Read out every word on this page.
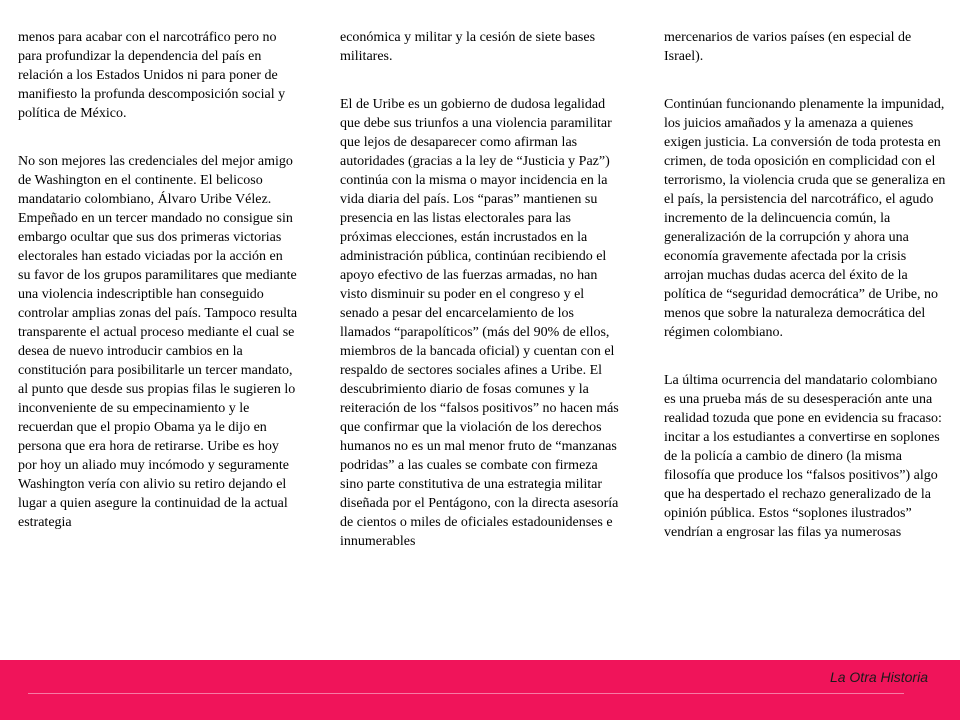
menos para acabar con el narcotráfico pero no para profundizar la dependencia del país en relación a los Estados Unidos ni para poner de manifiesto la profunda descomposición social y política de México.

No son mejores las credenciales del mejor amigo de Washington en el continente. El belicoso mandatario colombiano, Álvaro Uribe Vélez. Empeñado en un tercer mandado no consigue sin embargo ocultar que sus dos primeras victorias electorales han estado viciadas por la acción en su favor de los grupos paramilitares que mediante una violencia indescriptible han conseguido controlar amplias zonas del país. Tampoco resulta transparente el actual proceso mediante el cual se desea de nuevo introducir cambios en la constitución para posibilitarle un tercer mandato, al punto que desde sus propias filas le sugieren lo inconveniente de su empecinamiento y le recuerdan que el propio Obama ya le dijo en persona que era hora de retirarse. Uribe es hoy por hoy un aliado muy incómodo y seguramente Washington vería con alivio su retiro dejando el lugar a quien asegure la continuidad de la actual estrategia

económica y militar y la cesión de siete bases militares.

El de Uribe es un gobierno de dudosa legalidad que debe sus triunfos a una violencia paramilitar que lejos de desaparecer como afirman las autoridades (gracias a la ley de “Justicia y Paz”) continúa con la misma o mayor incidencia en la vida diaria del país. Los “paras” mantienen su presencia en las listas electorales para las próximas elecciones, están incrustados en la administración pública, continúan recibiendo el apoyo efectivo de las fuerzas armadas, no han visto disminuir su poder en el congreso y el senado a pesar del encarcelamiento de los llamados “parapolíticos” (más del 90% de ellos, miembros de la bancada oficial) y cuentan con el respaldo de sectores sociales afines a Uribe. El descubrimiento diario de fosas comunes y la reiteración de los “falsos positivos” no hacen más que confirmar que la violación de los derechos humanos no es un mal menor fruto de “manzanas podridas” a las cuales se combate con firmeza sino parte constitutiva de una estrategia militar diseñada por el Pentágono, con la directa asesoría de cientos o miles de oficiales estadounidenses e innumerables

mercenarios de varios países (en especial de Israel).

Continúan funcionando plenamente la impunidad, los juicios amañados y la amenaza a quienes exigen justicia. La conversión de toda protesta en crimen, de toda oposición en complicidad con el terrorismo, la violencia cruda que se generaliza en el país, la persistencia del narcotráfico, el agudo incremento de la delincuencia común, la generalización de la corrupción y ahora una economía gravemente afectada por la crisis arrojan muchas dudas acerca del éxito de la política de “seguridad democrática” de Uribe, no menos que sobre la naturaleza democrática del régimen colombiano.

La última ocurrencia del mandatario colombiano es una prueba más de su desesperación ante una realidad tozuda que pone en evidencia su fracaso: incitar a los estudiantes a convertirse en soplones de la policía a cambio de dinero (la misma filosofía que produce los “falsos positivos”) algo que ha despertado el rechazo generalizado de la opinión pública. Estos “soplones ilustrados” vendrían a engrosar las filas ya numerosas

La Otra Historia
